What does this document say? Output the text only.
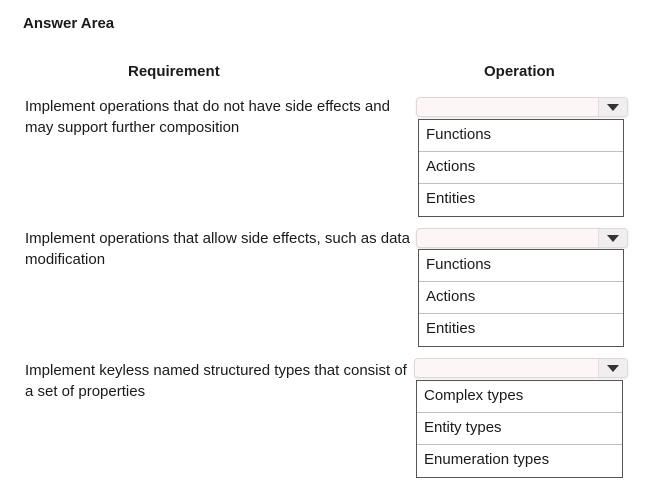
Answer Area
Requirement	Operation
Implement operations that do not have side effects and may support further composition	Functions
Actions
Entities
Implement operations that allow side effects, such as data modification	Functions
Actions
Entities
Implement keyless named structured types that consist of a set of properties	Complex types
Entity types
Enumeration types
